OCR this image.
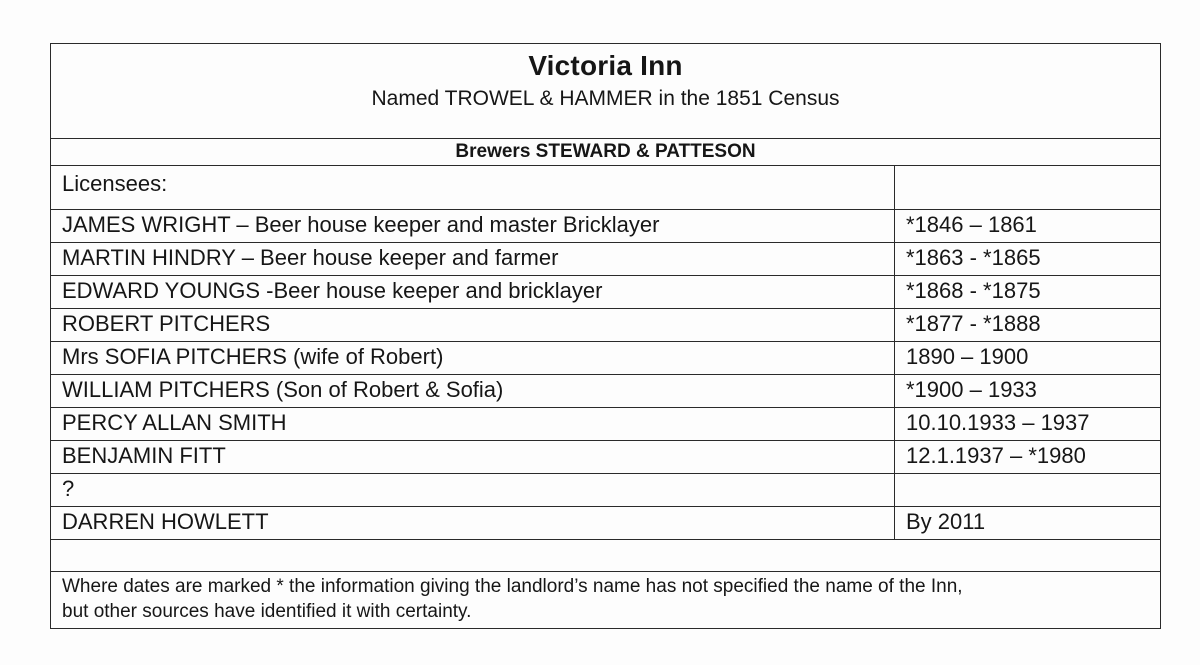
Victoria Inn
Named TROWEL & HAMMER in the 1851 Census
Brewers STEWARD & PATTESON
Licensees:
JAMES WRIGHT – Beer house keeper and master Bricklayer	*1846 – 1861
MARTIN HINDRY – Beer house keeper and farmer	*1863 - *1865
EDWARD YOUNGS -Beer house keeper and bricklayer	*1868 - *1875
ROBERT PITCHERS	*1877 - *1888
Mrs SOFIA PITCHERS (wife of Robert)	1890 – 1900
WILLIAM PITCHERS (Son of Robert & Sofia)	*1900 – 1933
PERCY ALLAN SMITH	10.10.1933 – 1937
BENJAMIN FITT	12.1.1937 – *1980
?
DARREN HOWLETT	By 2011
Where dates are marked * the information giving the landlord’s name has not specified the name of the Inn,
but other sources have identified it with certainty.
